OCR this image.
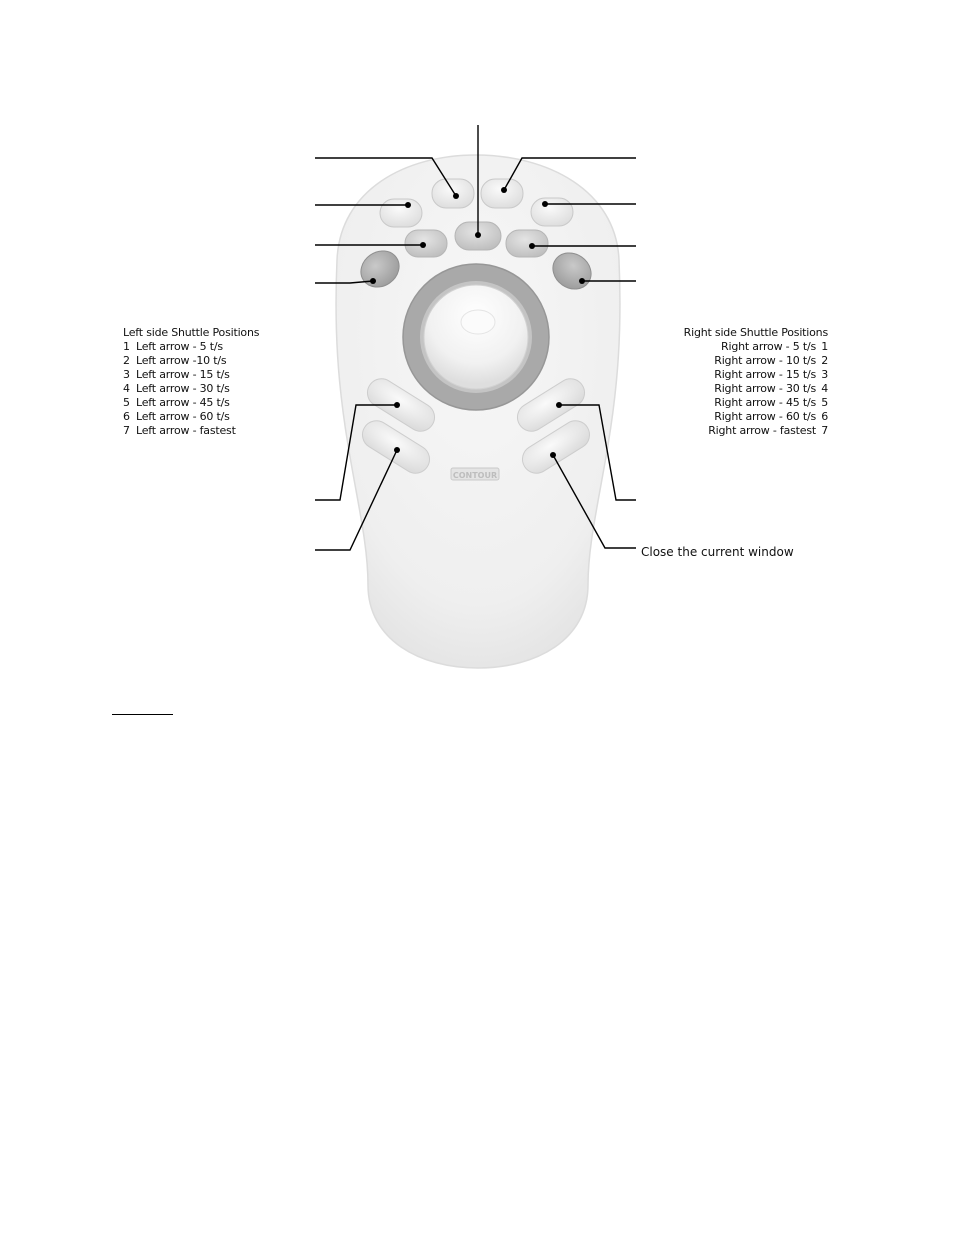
CONTOUR
Left side Shuttle Positions
1 Left arrow - 5 t/s
2 Left arrow -10 t/s
3 Left arrow - 15 t/s
4 Left arrow - 30 t/s
5 Left arrow - 45 t/s
6 Left arrow - 60 t/s
7 Left arrow - fastest
Right side Shuttle Positions
Right arrow - 5 t/s 1
Right arrow - 10 t/s 2
Right arrow - 15 t/s 3
Right arrow - 30 t/s 4
Right arrow - 45 t/s 5
Right arrow - 60 t/s 6
Right arrow - fastest 7
Close the current window
